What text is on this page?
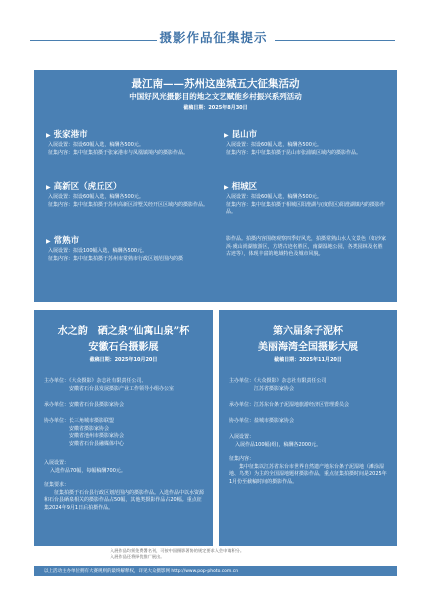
摄影作品征集提示
最江南——苏州这座城五大征集活动
中国好风光摄影目的地之文艺赋能乡村振兴系列活动
截稿日期：2025年8月30日
▶ 张家港市
入展设置：拟设60幅入选，稿酬各500元。
征集内容：集中征集拍摄于张家港市与凤凰镇境内的摄影作品。
▶ 昆山市
入展设置：拟设60幅入选，稿酬各500元。
征集内容：集中征集拍摄于昆山市张浦镇区域内的摄影作品。
▶ 高新区（虎丘区）
入展设置：拟设60幅入选，稿酬各500元。
征集内容：集中征集拍摄于苏州高新区浒墅关经开区区域内的摄影作品。
▶ 相城区
入展设置：拟设60幅入选，稿酬各500元。
征集内容：集中征集拍摄于相城区阳澄湖与(度假区)阳澄湖镇内的摄影作品。
▶ 常熟市
入展设置：拟设100幅入选，稿酬各500元。
征集内容：集中征集拍摄于苏州市常熟市行政区划范围内的摄
影作品。拍摄内容围绕观察四季好风光，拍摄常熟山水人文景色（如沙家浜·虞山尚湖旅游区，方塔古迹名胜区，南湖湿地公园，各类园林及名胜古迹等），体现丰富的地域特色及城市风貌。
水之韵　硒之泉“仙寓山泉”杯
安徽石台摄影展
截稿日期：2025年10月20日
主办单位：《大众摄影》杂志社有限责任公司、
安徽省石台县发展摄影产业工作领导小组办公室
承办单位：安徽省石台县摄影家协会
协办单位：长三角城市摄影联盟
安徽省摄影家协会
安徽省池州市摄影家协会
安徽省石台县融媒体中心
入展设置：
入选作品70幅，每幅稿酬700元。
征集要求：
征集拍摄于石台县行政区划范围内的摄影作品。入选作品中以水资源和石台县硒泉相关的摄影作品占50幅，其他类摄影作品占20幅。重点征集2024年9月1日后拍摄作品。
第六届条子泥杯
美丽海湾全国摄影大展
截稿日期：2025年11月20日
主办单位：《大众摄影》杂志社有限责任公司
江苏省摄影家协会
承办单位：江苏东台条子泥湿地旅游经济区管理委员会
协办单位：盐城市摄影家协会
入展设置：
入展作品100幅(组)，稿酬各2000元。
征集内容：
集中征集以江苏省东台市世界自然遗产地东台条子泥湿地（滩涂湿地、鸟类）为主的全国湿地题材摄影作品，重点征集拍摄时间是2025年1月份至截稿时间的摄影作品。
入展作品均须免费署名刊，可按中国摄影著协的规定要求入会申请积分。
入展作品还将择优推广展出。
以上活动主办单位拥有大赛规则的最终解释权，详见大众摄影网 http://www.pop-photo.com.cn
